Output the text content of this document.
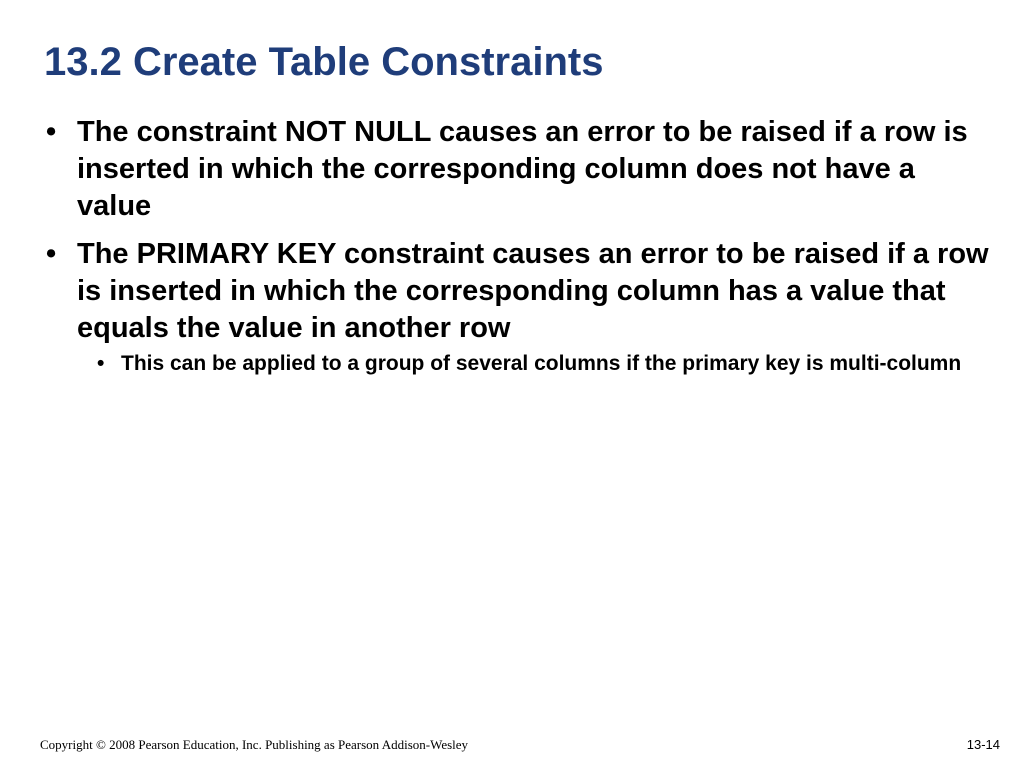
13.2 Create Table Constraints
• The constraint NOT NULL causes an error to be raised if a row is inserted in which the corresponding column does not have a value
• The PRIMARY KEY constraint causes an error to be raised if a row is inserted in which the corresponding column has a value that equals the value in another row
• This can be applied to a group of several columns if the primary key is multi-column
Copyright © 2008 Pearson Education, Inc. Publishing as Pearson Addison-Wesley	13-14
